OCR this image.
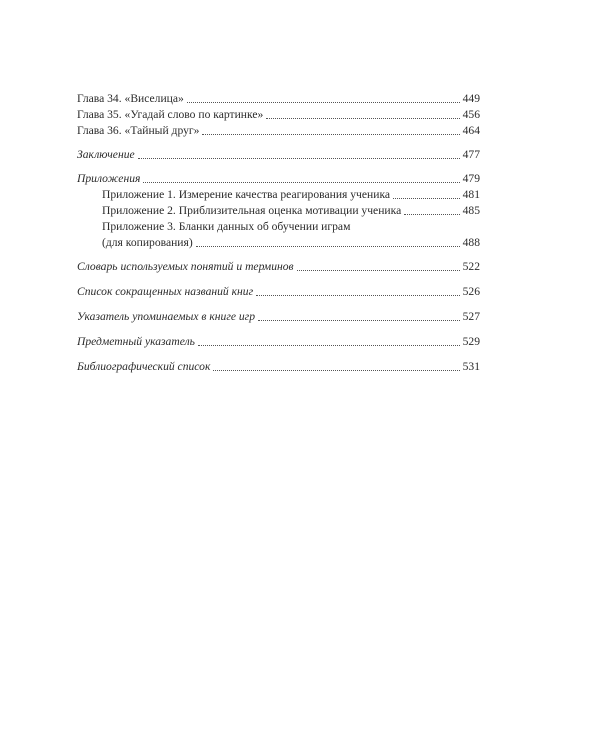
Глава 34. «Виселица»	449
Глава 35. «Угадай слово по картинке»	456
Глава 36. «Тайный друг»	464
Заключение	477
Приложения	479
Приложение 1. Измерение качества реагирования ученика	481
Приложение 2. Приблизительная оценка мотивации ученика	485
Приложение 3. Бланки данных об обучении играм
(для копирования)	488
Словарь используемых понятий и терминов	522
Список сокращенных названий книг	526
Указатель упоминаемых в книге игр	527
Предметный указатель	529
Библиографический список	531
